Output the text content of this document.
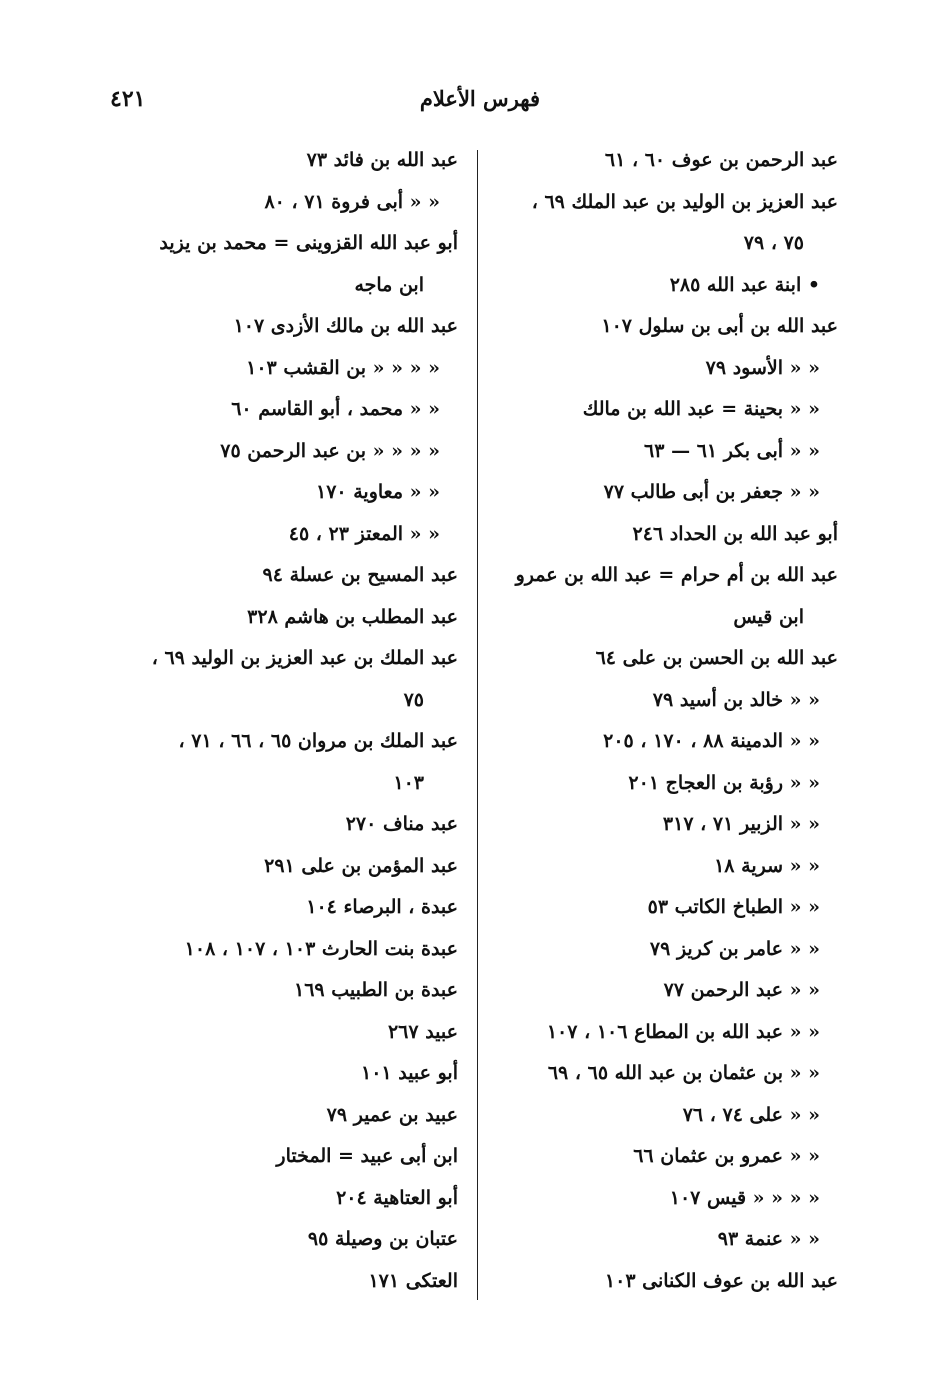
فهرس الأعلام
٤٢١
عبد الرحمن بن عوف ٦٠ ، ٦١
عبد العزيز بن الوليد بن عبد الملك ٦٩ ،
٧٥ ، ٧٩
• ابنة عبد الله ٢٨٥
عبد الله بن أبى بن سلول ١٠٧
« « الأسود ٧٩
« « بحينة = عبد الله بن مالك
« « أبى بكر ٦١ — ٦٣
« « جعفر بن أبى طالب ٧٧
أبو عبد الله بن الحداد ٢٤٦
عبد الله بن أم حرام = عبد الله بن عمرو
ابن قيس
عبد الله بن الحسن بن على ٦٤
« « خالد بن أسيد ٧٩
« « الدمينة ٨٨ ، ١٧٠ ، ٢٠٥
« « رؤبة بن العجاج ٢٠١
« « الزبير ٧١ ، ٣١٧
« « سرية ١٨
« « الطباخ الكاتب ٥٣
« « عامر بن كريز ٧٩
« « عبد الرحمن ٧٧
« « عبد الله بن المطاع ١٠٦ ، ١٠٧
« « بن عثمان بن عبد الله ٦٥ ، ٦٩
« « على ٧٤ ، ٧٦
« « عمرو بن عثمان ٦٦
« « « « قيس ١٠٧
« « عنمة ٩٣
عبد الله بن عوف الكنانى ١٠٣
عبد الله بن فائد ٧٣
« « أبى فروة ٧١ ، ٨٠
أبو عبد الله القزوينى = محمد بن يزيد
ابن ماجه
عبد الله بن مالك الأزدى ١٠٧
« « « « بن القشب ١٠٣
« « محمد ، أبو القاسم ٦٠
« « « « بن عبد الرحمن ٧٥
« « معاوية ١٧٠
« « المعتز ٢٣ ، ٤٥
عبد المسيح بن عسلة ٩٤
عبد المطلب بن هاشم ٣٢٨
عبد الملك بن عبد العزيز بن الوليد ٦٩ ،
٧٥
عبد الملك بن مروان ٦٥ ، ٦٦ ، ٧١ ،
١٠٣
عبد مناف ٢٧٠
عبد المؤمن بن على ٢٩١
عبدة ، البرصاء ١٠٤
عبدة بنت الحارث ١٠٣ ، ١٠٧ ، ١٠٨
عبدة بن الطبيب ١٦٩
عبيد ٢٦٧
أبو عبيد ١٠١
عبيد بن عمير ٧٩
ابن أبى عبيد = المختار
أبو العتاهية ٢٠٤
عتبان بن وصيلة ٩٥
العتكى ١٧١
